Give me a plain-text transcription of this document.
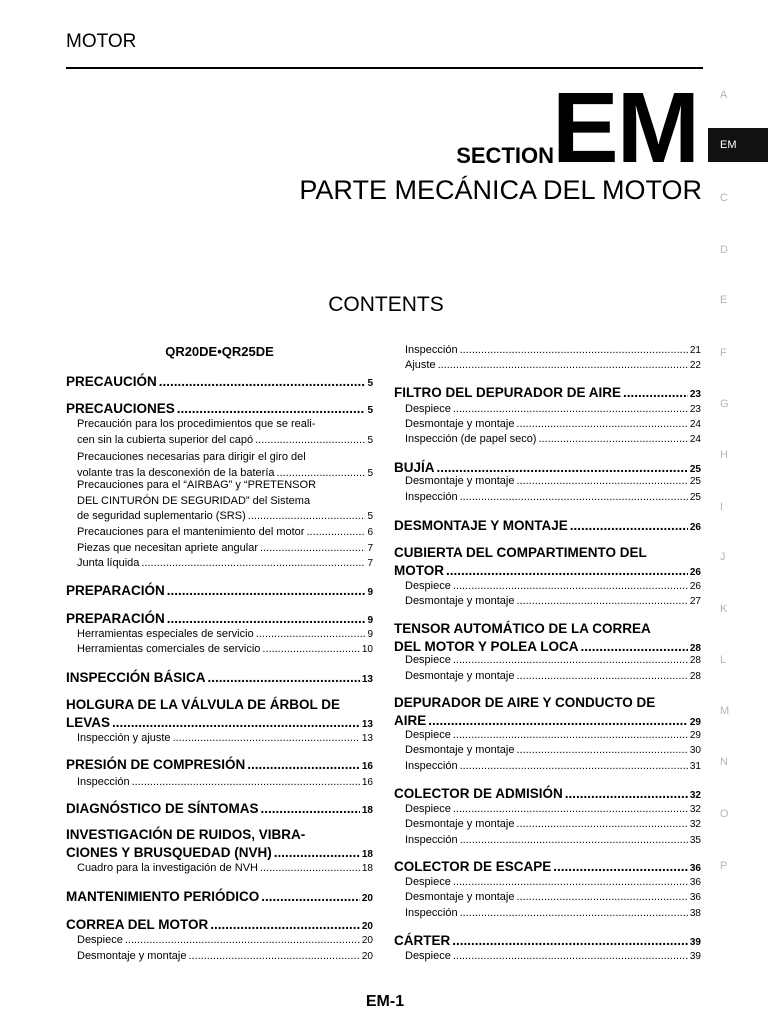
MOTOR
SECTION
EM
PARTE MECÁNICA DEL MOTOR
CONTENTS
A
EM
C
D
E
F
G
H
I
J
K
L
M
N
O
P
QR20DE•QR25DE
PRECAUCIÓN .....	5
PRECAUCIONES .....	5
Precaución para los procedimientos que se reali-
cen sin la cubierta superior del capó .....	5
Precauciones necesarias para dirigir el giro del
volante tras la desconexión de la batería .....	5
Precauciones para el “AIRBAG” y “PRETENSOR
DEL CINTURÓN DE SEGURIDAD” del Sistema
de seguridad suplementario (SRS) .....	5
Precauciones para el mantenimiento del motor .....	6
Piezas que necesitan apriete angular .....	7
Junta líquida .....	7
PREPARACIÓN .....	9
PREPARACIÓN .....	9
Herramientas especiales de servicio .....	9
Herramientas comerciales de servicio .....	10
INSPECCIÓN BÁSICA .....	13
HOLGURA DE LA VÁLVULA DE ÁRBOL DE
LEVAS .....	13
Inspección y ajuste .....	13
PRESIÓN DE COMPRESIÓN .....	16
Inspección .....	16
DIAGNÓSTICO DE SÍNTOMAS .....	18
INVESTIGACIÓN DE RUIDOS, VIBRA-
CIONES Y BRUSQUEDAD (NVH) .....	18
Cuadro para la investigación de NVH .....	18
MANTENIMIENTO PERIÓDICO .....	20
CORREA DEL MOTOR .....	20
Despiece .....	20
Desmontaje y montaje .....	20
Inspección .....	21
Ajuste .....	22
FILTRO DEL DEPURADOR DE AIRE .....	23
Despiece .....	23
Desmontaje y montaje .....	24
Inspección (de papel seco) .....	24
BUJÍA .....	25
Desmontaje y montaje .....	25
Inspección .....	25
DESMONTAJE Y MONTAJE .....	26
CUBIERTA DEL COMPARTIMENTO DEL
MOTOR .....	26
Despiece .....	26
Desmontaje y montaje .....	27
TENSOR AUTOMÁTICO DE LA CORREA
DEL MOTOR Y POLEA LOCA .....	28
Despiece .....	28
Desmontaje y montaje .....	28
DEPURADOR DE AIRE Y CONDUCTO DE
AIRE .....	29
Despiece .....	29
Desmontaje y montaje .....	30
Inspección .....	31
COLECTOR DE ADMISIÓN .....	32
Despiece .....	32
Desmontaje y montaje .....	32
Inspección .....	35
COLECTOR DE ESCAPE .....	36
Despiece .....	36
Desmontaje y montaje .....	36
Inspección .....	38
CÁRTER .....	39
Despiece .....	39
EM-1
